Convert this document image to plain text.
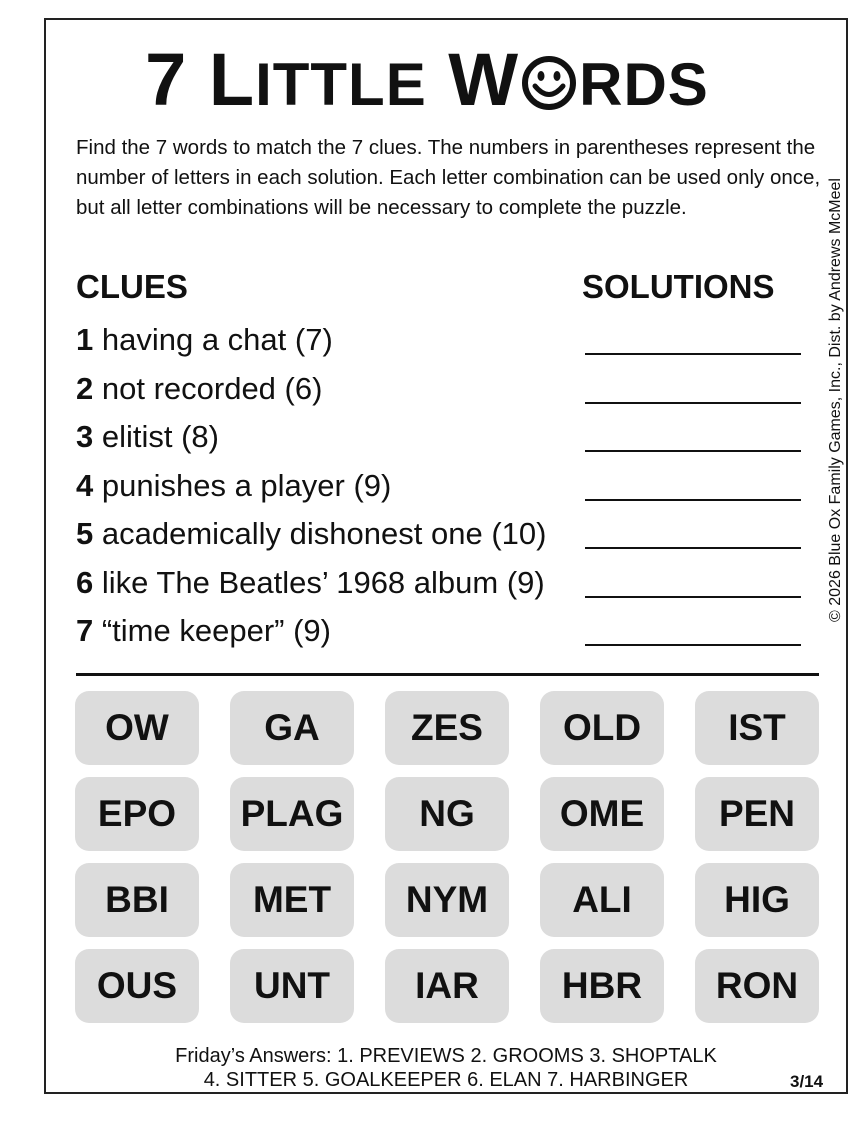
7 LITTLE W RDS
Find the 7 words to match the 7 clues. The numbers in parentheses represent the number of letters in each solution. Each letter combination can be used only once, but all letter combinations will be necessary to complete the puzzle.	© 2026 Blue Ox Family Games, Inc., Dist. by Andrews McMeel
CLUES	SOLUTIONS
1 having a chat (7)
2 not recorded (6)
3 elitist (8)
4 punishes a player (9)
5 academically dishonest one (10)
6 like The Beatles’ 1968 album (9)
7 “time keeper” (9)
OW	GA	ZES	OLD	IST
EPO	PLAG	NG	OME	PEN
BBI	MET	NYM	ALI	HIG
OUS	UNT	IAR	HBR	RON
Friday’s Answers: 1. PREVIEWS 2. GROOMS 3. SHOPTALK
4. SITTER 5. GOALKEEPER 6. ELAN 7. HARBINGER	3/14
